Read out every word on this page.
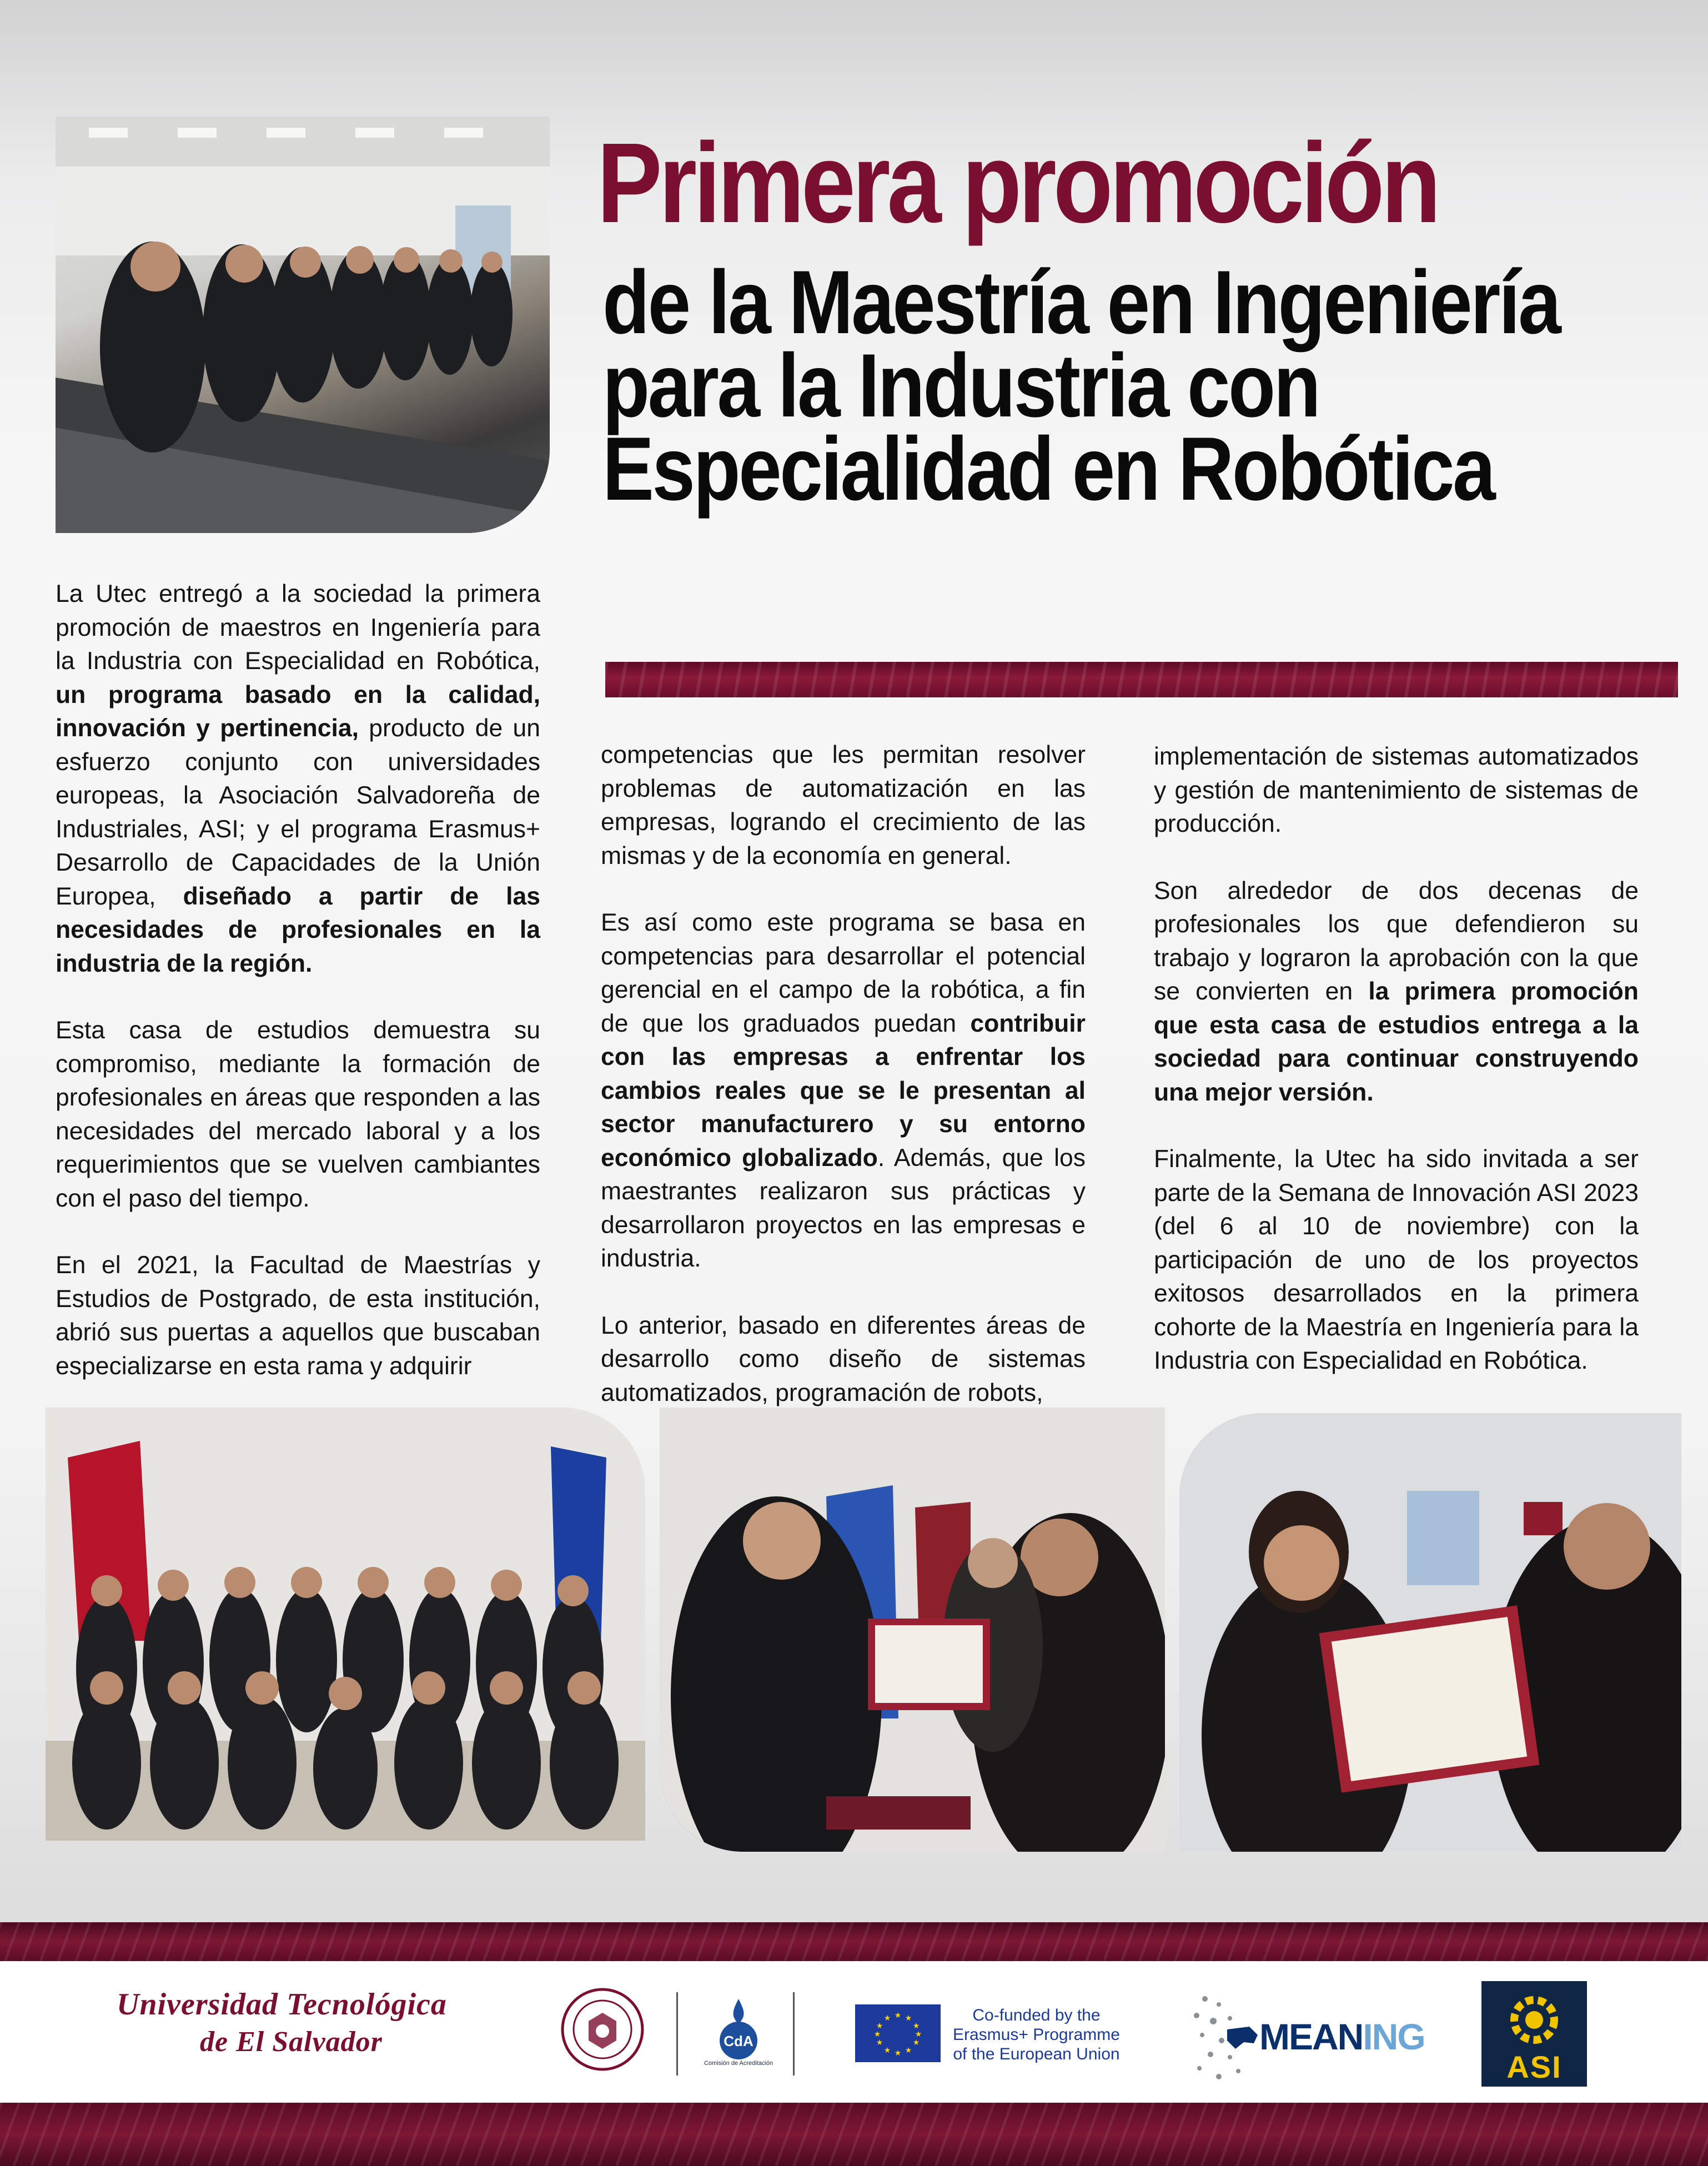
Primera promoción
de la Maestría en Ingeniería
para la Industria con
Especialidad en Robótica

La Utec entregó a la sociedad la primera promoción de maestros en Ingeniería para la Industria con Especialidad en Robótica, un programa basado en la calidad, innovación y pertinencia, producto de un esfuerzo conjunto con universidades europeas, la Asociación Salvadoreña de Industriales, ASI; y el programa Erasmus+ Desarrollo de Capacidades de la Unión Europea, diseñado a partir de las necesidades de profesionales en la industria de la región.

Esta casa de estudios demuestra su compromiso, mediante la formación de profesionales en áreas que responden a las necesidades del mercado laboral y a los requerimientos que se vuelven cambiantes con el paso del tiempo.

En el 2021, la Facultad de Maestrías y Estudios de Postgrado, de esta institución, abrió sus puertas a aquellos que buscaban especializarse en esta rama y adquirir

competencias que les permitan resolver problemas de automatización en las empresas, logrando el crecimiento de las mismas y de la economía en general.

Es así como este programa se basa en competencias para desarrollar el potencial gerencial en el campo de la robótica, a fin de que los graduados puedan contribuir con las empresas a enfrentar los cambios reales que se le presentan al sector manufacturero y su entorno económico globalizado. Además, que los maestrantes realizaron sus prácticas y desarrollaron proyectos en las empresas e industria.

Lo anterior, basado en diferentes áreas de desarrollo como diseño de sistemas automatizados, programación de robots,

implementación de sistemas automatizados y gestión de mantenimiento de sistemas de producción.

Son alrededor de dos decenas de profesionales los que defendieron su trabajo y lograron la aprobación con la que se convierten en la primera promoción que esta casa de estudios entrega a la sociedad para continuar construyendo una mejor versión.

Finalmente, la Utec ha sido invitada a ser parte de la Semana de Innovación ASI 2023 (del 6 al 10 de noviembre) con la participación de uno de los proyectos exitosos desarrollados en la primera cohorte de la Maestría en Ingeniería para la Industria con Especialidad en Robótica.

Universidad Tecnológica
de El Salvador	CdA
Comisión de Acreditación
★ ★
★
★
★
★
★
★
★
★
★
★	Co-funded by the
Erasmus+ Programme
of the European Union	MEANING
ASI
